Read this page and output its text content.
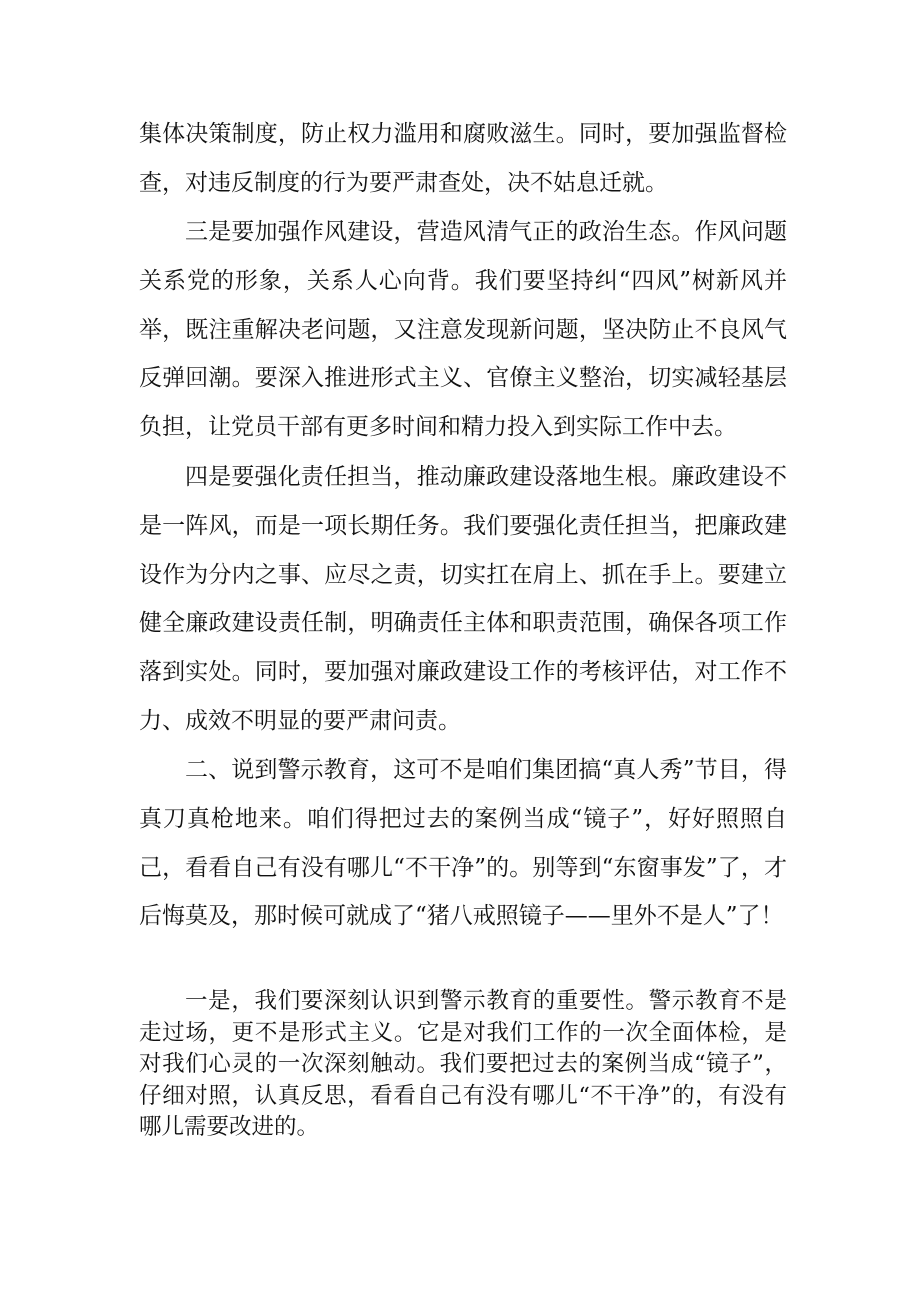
集体决策制度，防止权力滥用和腐败滋生。同时，要加强监督检查，对违反制度的行为要严肃查处，决不姑息迁就。

三是要加强作风建设，营造风清气正的政治生态。作风问题关系党的形象，关系人心向背。我们要坚持纠“四风”树新风并举，既注重解决老问题，又注意发现新问题，坚决防止不良风气反弹回潮。要深入推进形式主义、官僚主义整治，切实减轻基层负担，让党员干部有更多时间和精力投入到实际工作中去。

四是要强化责任担当，推动廉政建设落地生根。廉政建设不是一阵风，而是一项长期任务。我们要强化责任担当，把廉政建设作为分内之事、应尽之责，切实扛在肩上、抓在手上。要建立健全廉政建设责任制，明确责任主体和职责范围，确保各项工作落到实处。同时，要加强对廉政建设工作的考核评估，对工作不力、成效不明显的要严肃问责。

二、说到警示教育，这可不是咱们集团搞“真人秀”节目，得真刀真枪地来。咱们得把过去的案例当成“镜子”，好好照照自己，看看自己有没有哪儿“不干净”的。别等到“东窗事发”了，才后悔莫及，那时候可就成了“猪八戒照镜子——里外不是人”了！

一是，我们要深刻认识到警示教育的重要性。警示教育不是走过场，更不是形式主义。它是对我们工作的一次全面体检，是对我们心灵的一次深刻触动。我们要把过去的案例当成“镜子”，仔细对照，认真反思，看看自己有没有哪儿“不干净”的，有没有哪儿需要改进的。
